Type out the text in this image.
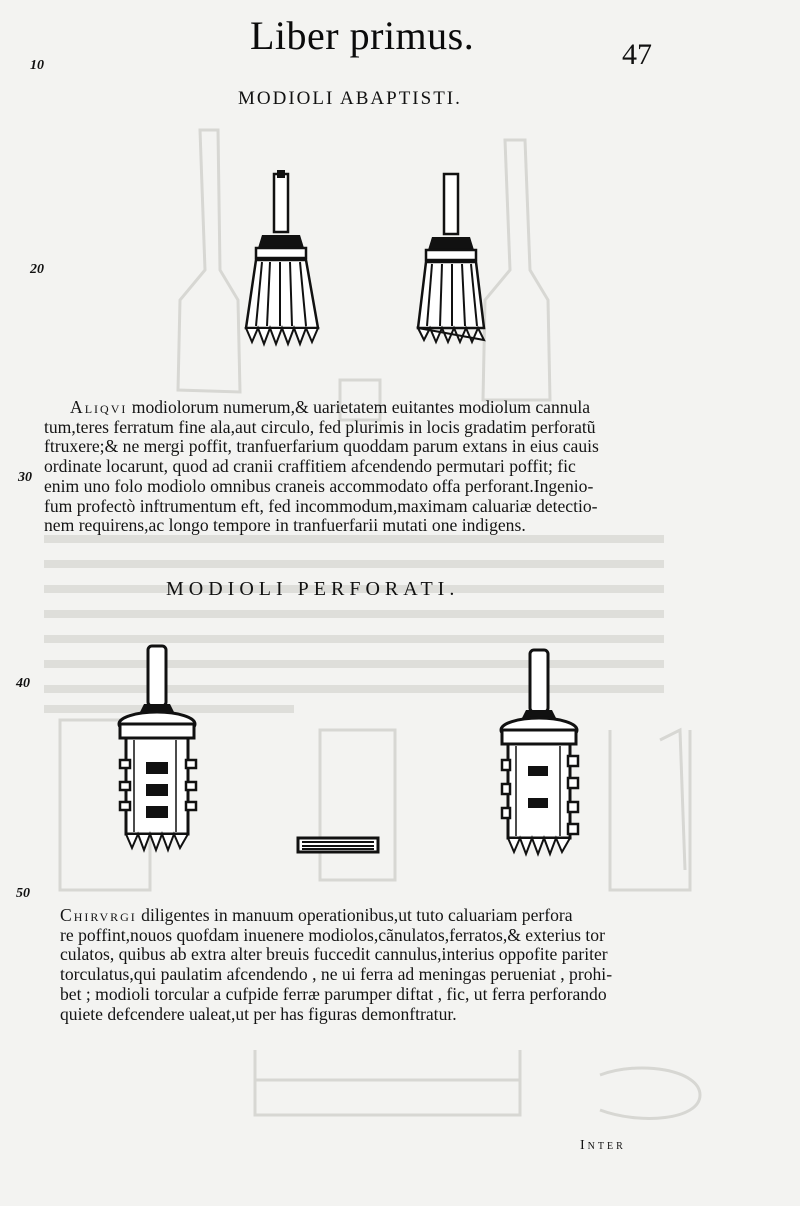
Liber primus.	47
10
20
30
40
50
MODIOLI ABAPTISTI.
Aliqvi modiolorum numerum,& uarietatem euitantes modiolum cannula
tum,teres ferratum fine ala,aut circulo, fed plurimis in locis gradatim perforatũ
ftruxere;& ne mergi poffit, tranfuerfarium quoddam parum extans in eius cauis
ordinate locarunt, quod ad cranii craffitiem afcendendo permutari poffit; fic
enim uno folo modiolo omnibus craneis accommodato offa perforant.Ingenio-
fum profectò inftrumentum eft, fed incommodum,maximam caluariæ detectio-
nem requirens,ac longo tempore in tranfuerfarii mutati one indigens.
MODIOLI PERFORATI.
Chirvrgi diligentes in manuum operationibus,ut tuto caluariam perfora
re poffint,nouos quofdam inuenere modiolos,cãnulatos,ferratos,& exterius tor
culatos, quibus ab extra alter breuis fuccedit cannulus,interius oppofite pariter
torculatus,qui paulatim afcendendo , ne ui ferra ad meningas perueniat , prohi-
bet ; modioli torcular a cufpide ferræ parumper diftat , fic, ut ferra perforando
quiete defcendere ualeat,ut per has figuras demonftratur.
Inter
